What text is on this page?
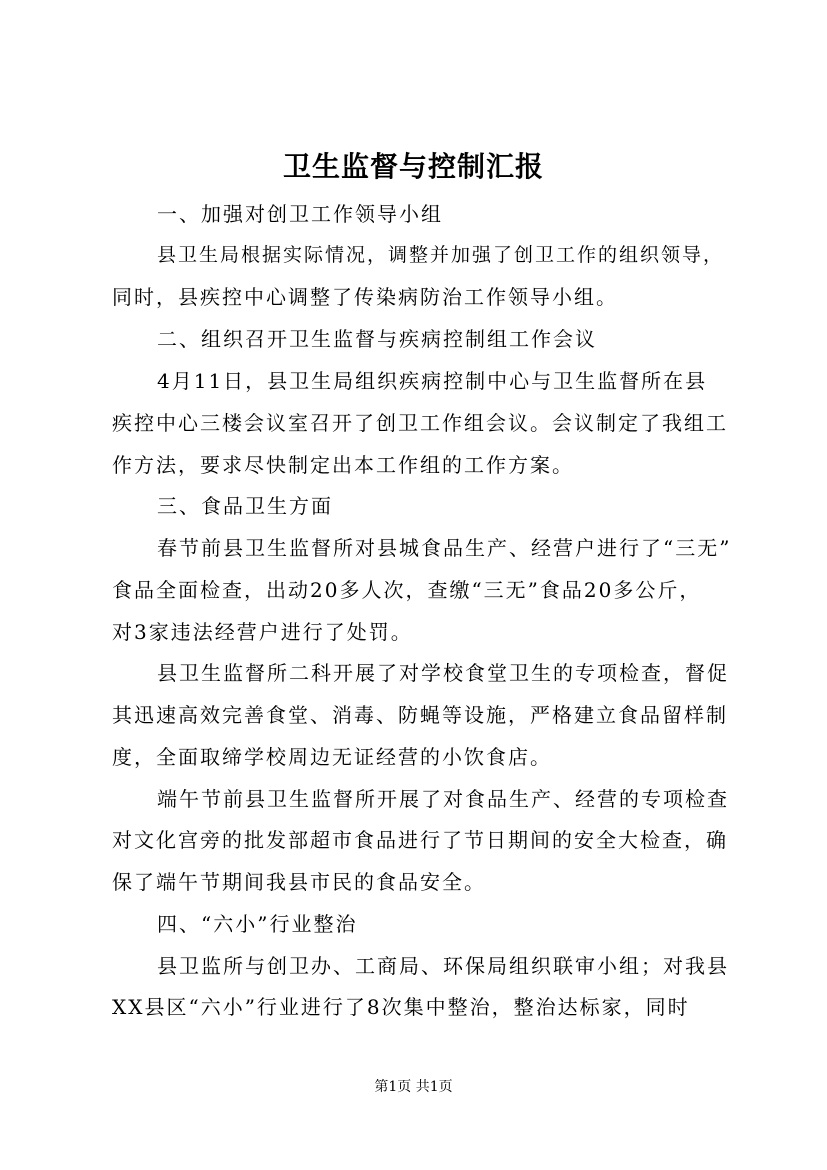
卫生监督与控制汇报
一、加强对创卫工作领导小组
县卫生局根据实际情况，调整并加强了创卫工作的组织领导，
同时，县疾控中心调整了传染病防治工作领导小组。
二、组织召开卫生监督与疾病控制组工作会议
4月11日，县卫生局组织疾病控制中心与卫生监督所在县
疾控中心三楼会议室召开了创卫工作组会议。会议制定了我组工
作方法，要求尽快制定出本工作组的工作方案。
三、食品卫生方面
春节前县卫生监督所对县城食品生产、经营户进行了“三无”
食品全面检查，出动20多人次，查缴“三无”食品20多公斤，
对3家违法经营户进行了处罚。
县卫生监督所二科开展了对学校食堂卫生的专项检查，督促
其迅速高效完善食堂、消毒、防蝇等设施，严格建立食品留样制
度，全面取缔学校周边无证经营的小饮食店。
端午节前县卫生监督所开展了对食品生产、经营的专项检查
对文化宫旁的批发部超市食品进行了节日期间的安全大检查，确
保了端午节期间我县市民的食品安全。
四、“六小”行业整治
县卫监所与创卫办、工商局、环保局组织联审小组；对我县
XX县区“六小”行业进行了8次集中整治，整治达标家，同时
第1页 共1页
